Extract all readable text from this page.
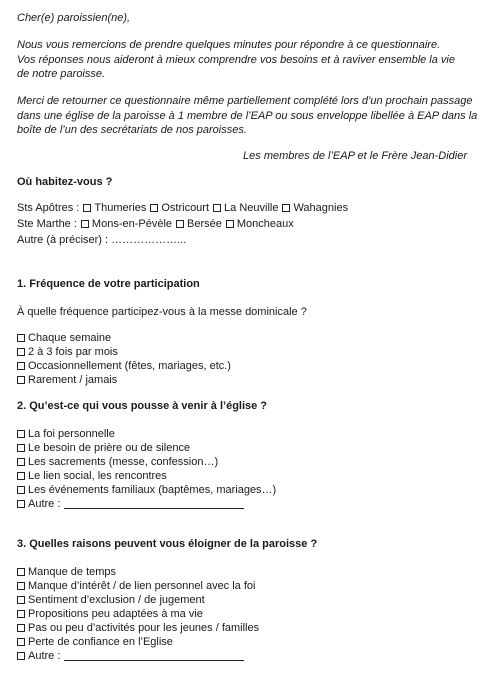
Cher(e) paroissien(ne),
Nous vous remercions de prendre quelques minutes pour répondre à ce questionnaire. Vos réponses nous aideront à mieux comprendre vos besoins et à raviver ensemble la vie de notre paroisse.
Merci de retourner ce questionnaire même partiellement complété lors d’un prochain passage dans une église de la paroisse à 1 membre de l’EAP ou sous enveloppe libellée à EAP dans la boîte de l’un des secrétariats de nos paroisses.
Les membres de l’EAP et le Frère Jean-Didier
Où habitez-vous ?
Sts Apôtres : Thumeries Ostricourt La Neuville Wahagnies
Ste Marthe : Mons-en-Pévèle Bersée Moncheaux
Autre (à préciser) : ………………...
1. Fréquence de votre participation
À quelle fréquence participez-vous à la messe dominicale ?
Chaque semaine
2 à 3 fois par mois
Occasionnellement (fêtes, mariages, etc.)
Rarement / jamais
2. Qu’est-ce qui vous pousse à venir à l’église ?
La foi personnelle
Le besoin de prière ou de silence
Les sacrements (messe, confession…)
Le lien social, les rencontres
Les événements familiaux (baptêmes, mariages…)
Autre :
3. Quelles raisons peuvent vous éloigner de la paroisse ?
Manque de temps
Manque d’intérêt / de lien personnel avec la foi
Sentiment d’exclusion / de jugement
Propositions peu adaptées à ma vie
Pas ou peu d’activités pour les jeunes / familles
Perte de confiance en l’Eglise
Autre :
